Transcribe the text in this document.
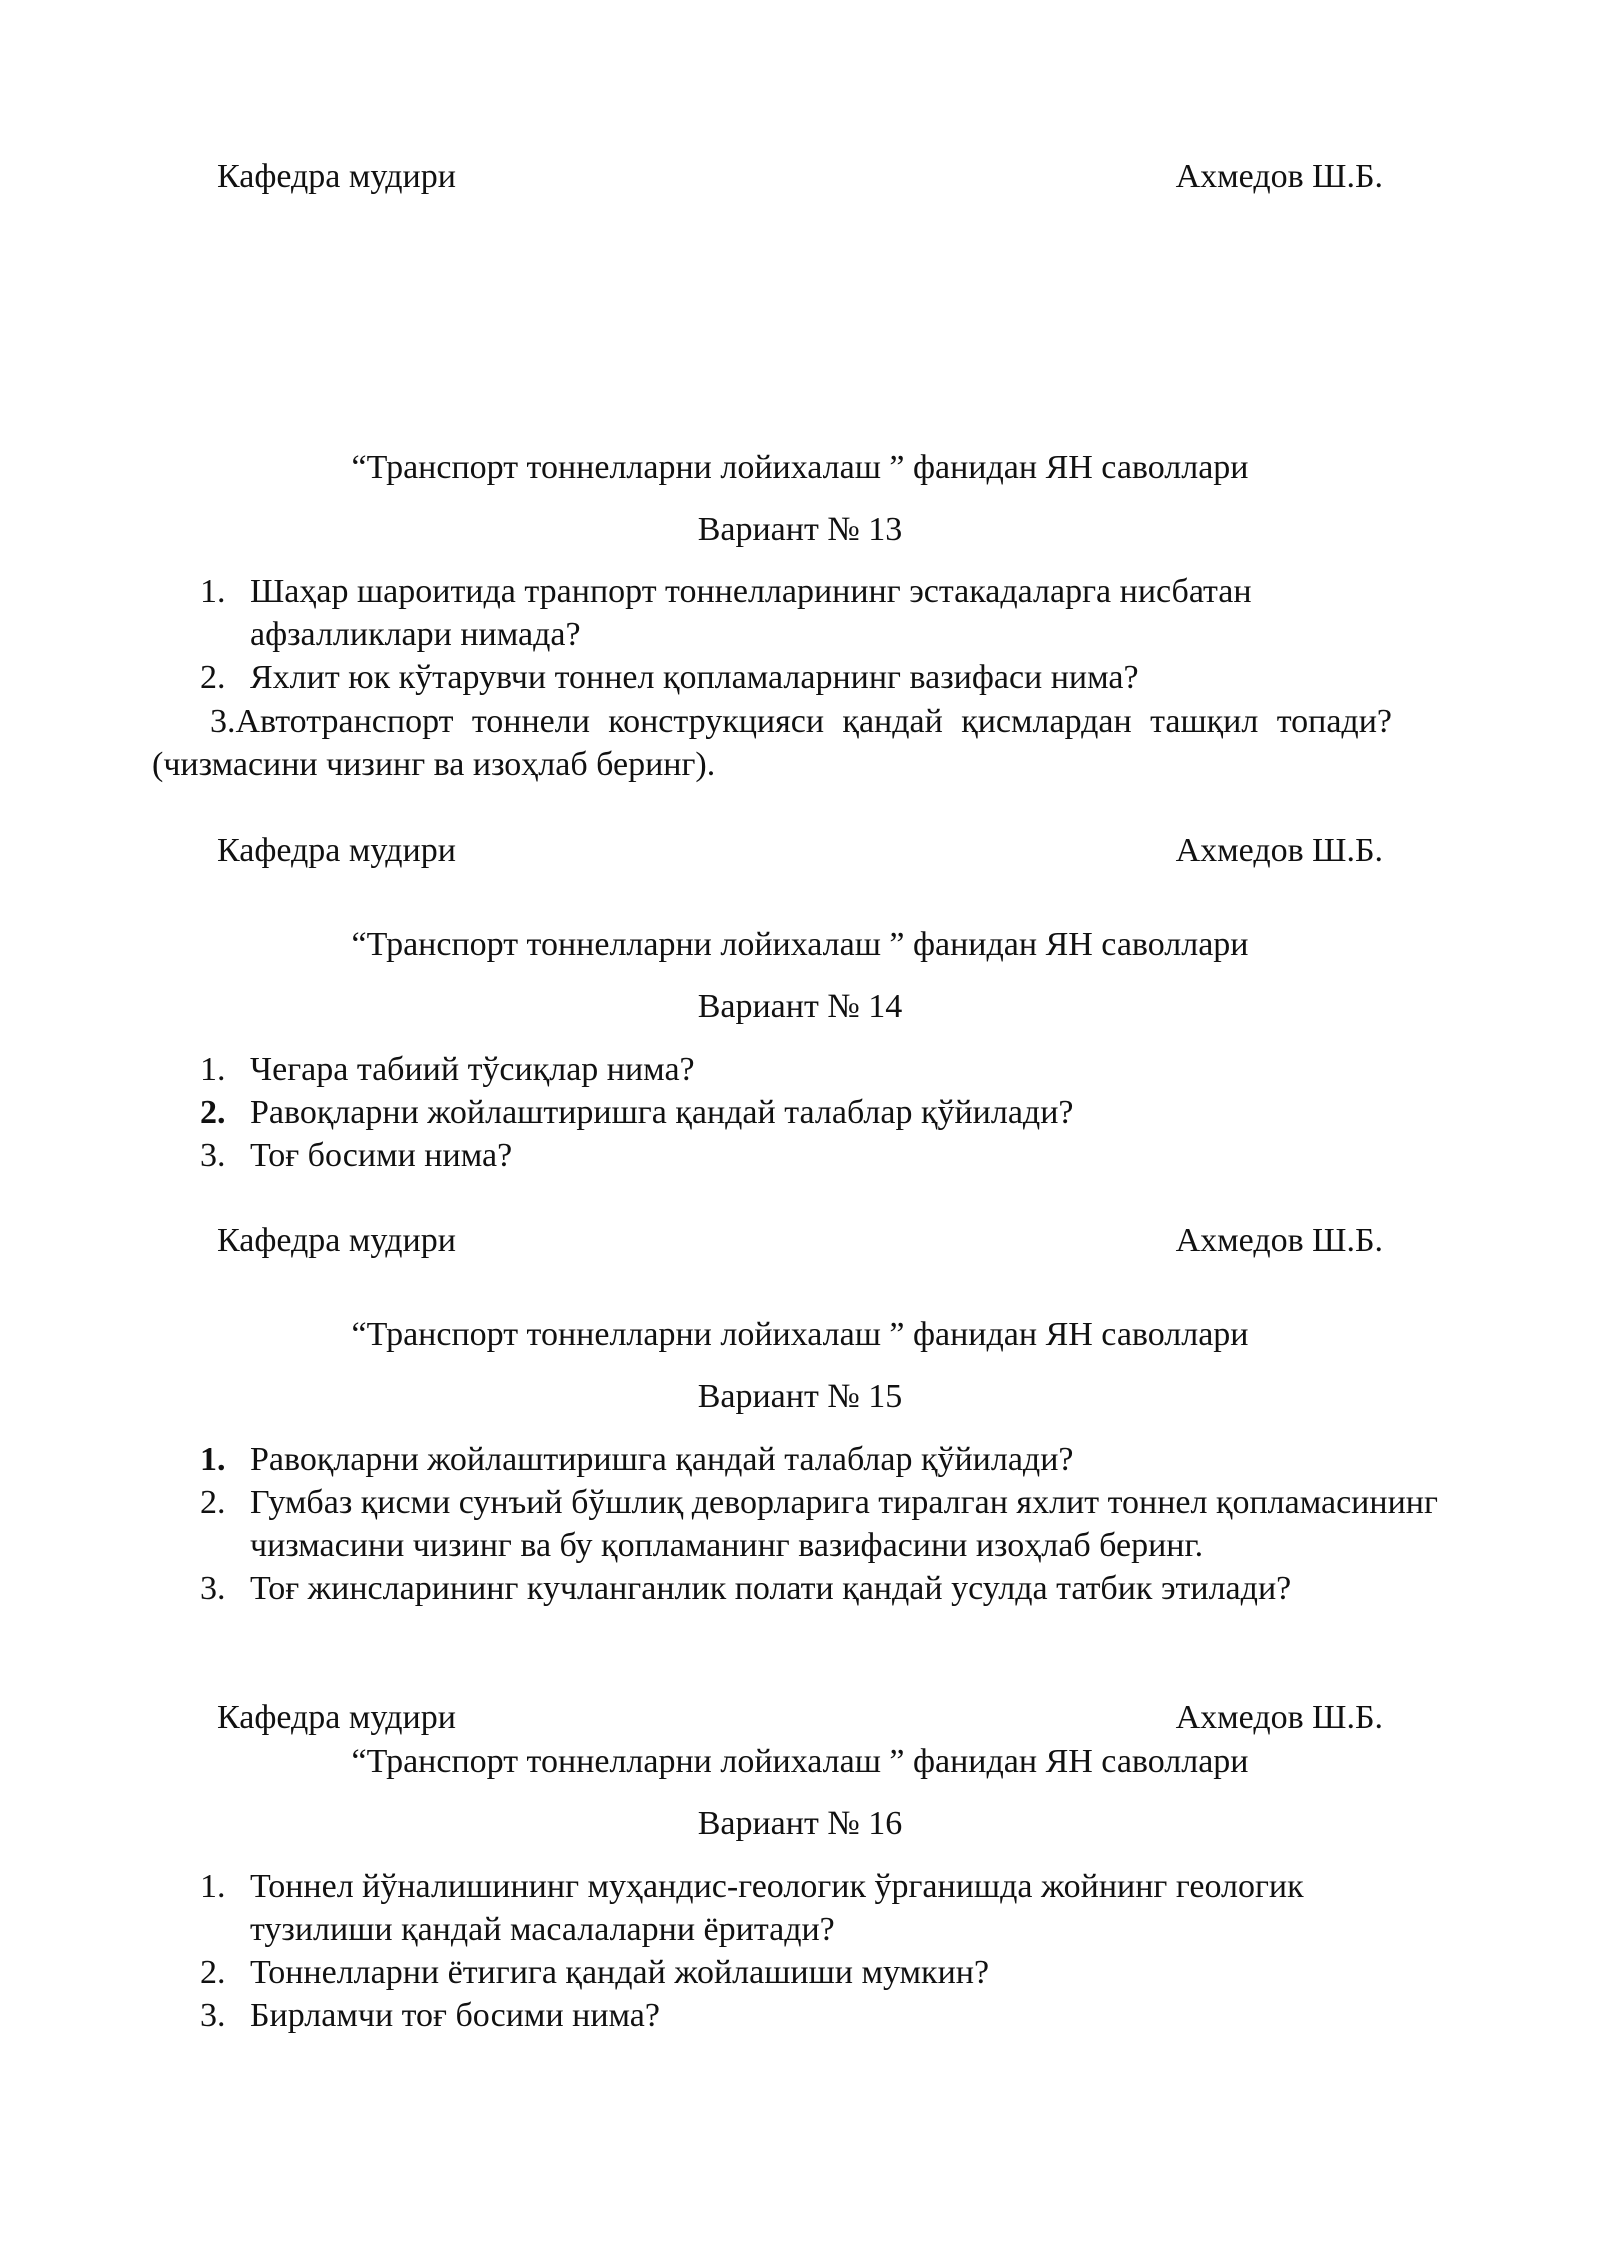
Кафедра мудири	Ахмедов Ш.Б.
“Транспорт тоннелларни лойихалаш ” фанидан ЯН саволлари
Вариант № 13
1. Шаҳар шароитида транпорт тоннелларининг эстакадаларга нисбатан афзалликлари нимада?
2. Яхлит юк кўтарувчи тоннел қопламаларнинг вазифаси нима?
3.Автотранспорт тоннели конструкцияси қандай қисмлардан ташқил топади? (чизмасини чизинг ва изоҳлаб беринг).
Кафедра мудири	Ахмедов Ш.Б.
“Транспорт тоннелларни лойихалаш ” фанидан ЯН саволлари
Вариант № 14
1. Чегара табиий тўсиқлар нима?
2. Равоқларни жойлаштиришга қандай талаблар қўйилади?
3. Тоғ босими нима?
Кафедра мудири	Ахмедов Ш.Б.
“Транспорт тоннелларни лойихалаш ” фанидан ЯН саволлари
Вариант № 15
1. Равоқларни жойлаштиришга қандай талаблар қўйилади?
2. Гумбаз қисми сунъий бўшлиқ деворларига тиралган яхлит тоннел қопламасининг чизмасини чизинг ва бу қопламанинг вазифасини изоҳлаб беринг.
3. Тоғ жинсларининг кучланганлик полати қандай усулда татбик этилади?
Кафедра мудири	Ахмедов Ш.Б.
“Транспорт тоннелларни лойихалаш ” фанидан ЯН саволлари
Вариант № 16
1. Тоннел йўналишининг муҳандис-геологик ўрганишда жойнинг геологик тузилиши қандай масалаларни ёритади?
2. Тоннелларни ётигига қандай жойлашиши мумкин?
3. Бирламчи тоғ босими нима?
